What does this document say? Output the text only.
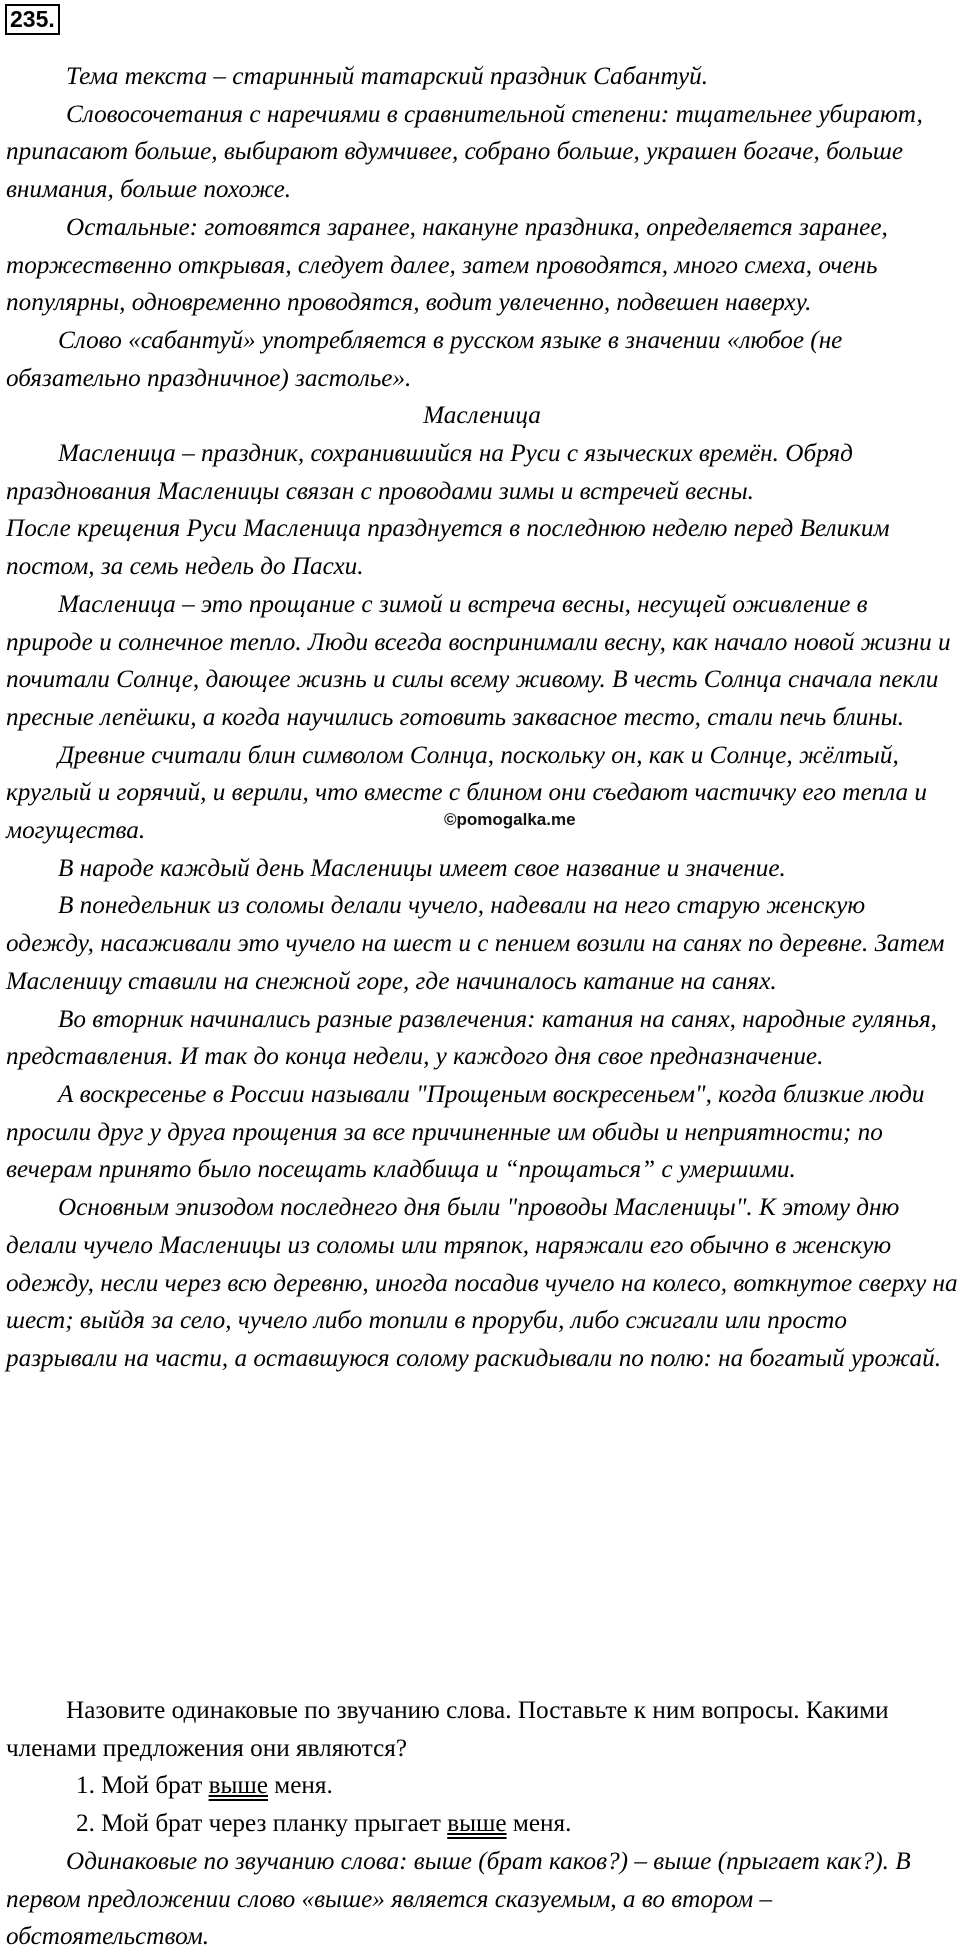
235.

Тема текста – старинный татарский праздник Сабантуй.

Словосочетания с наречиями в сравнительной степени: тщательнее убирают, припасают больше, выбирают вдумчивее, собрано больше, украшен богаче, больше внимания, больше похоже.

Остальные: готовятся заранее, накануне праздника, определяется заранее, торжественно открывая, следует далее, затем проводятся, много смеха, очень популярны, одновременно проводятся, водит увлеченно, подвешен наверху.

Слово «сабантуй» употребляется в русском языке в значении «любое (не обязательно праздничное) застолье».

Масленица

Масленица – праздник, сохранившийся на Руси с языческих времён. Обряд празднования Масленицы связан с проводами зимы и встречей весны.

После крещения Руси Масленица празднуется в последнюю неделю перед Великим постом, за семь недель до Пасхи.

Масленица – это прощание с зимой и встреча весны, несущей оживление в природе и солнечное тепло. Люди всегда воспринимали весну, как начало новой жизни и почитали Солнце, дающее жизнь и силы всему живому. В честь Солнца сначала пекли пресные лепёшки, а когда научились готовить заквасное тесто, стали печь блины.

Древние считали блин символом Солнца, поскольку он, как и Солнце, жёлтый, круглый и горячий, и верили, что вместе с блином они съедают частичку его тепла и могущества.

В народе каждый день Масленицы имеет свое название и значение.

В понедельник из соломы делали чучело, надевали на него старую женскую одежду, насаживали это чучело на шест и с пением возили на санях по деревне. Затем Масленицу ставили на снежной горе, где начиналось катание на санях.

Во вторник начинались разные развлечения: катания на санях, народные гулянья, представления. И так до конца недели, у каждого дня свое предназначение.

А воскресенье в России называли "Прощеным воскресеньем", когда близкие люди просили друг у друга прощения за все причиненные им обиды и неприятности; по вечерам принято было посещать кладбища и “прощаться” с умершими.

Основным эпизодом последнего дня были "проводы Масленицы". К этому дню делали чучело Масленицы из соломы или тряпок, наряжали его обычно в женскую одежду, несли через всю деревню, иногда посадив чучело на колесо, воткнутое сверху на шест; выйдя за село, чучело либо топили в проруби, либо сжигали или просто разрывали на части, а оставшуюся солому раскидывали по полю: на богатый урожай.

©pomogalka.me

Назовите одинаковые по звучанию слова. Поставьте к ним вопросы. Какими членами предложения они являются?

1. Мой брат выше меня.

2. Мой брат через планку прыгает выше меня.

Одинаковые по звучанию слова: выше (брат каков?) – выше (прыгает как?). В первом предложении слово «выше» является сказуемым, а во втором – обстоятельством.
